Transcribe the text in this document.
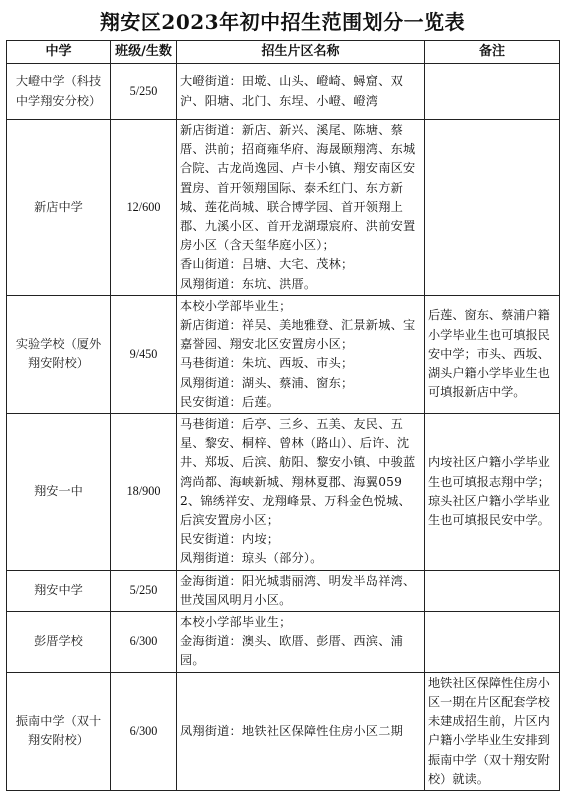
翔安区2023年初中招生范围划分一览表
中学	班级/生数	招生片区名称	备注
大嶝中学（科技中学翔安分校）	5/250	大嶝街道：田墘、山头、嶝崎、蟳窟、双沪、阳塘、北门、东埕、小嶝、嶝湾	

新店中学	12/600	新店街道：新店、新兴、溪尾、陈塘、蔡厝、洪前；招商雍华府、海晟颐翔湾、东城合院、古龙尚逸园、卢卡小镇、翔安南区安置房、首开领翔国际、泰禾红门、东方新城、莲花尚城、联合博学园、首开领翔上郡、九溪小区、首开龙湖璟宸府、洪前安置房小区（含天玺华庭小区）；
香山街道：吕塘、大宅、茂林；
凤翔街道：东坑、洪厝。	

实验学校（厦外翔安附校）	9/450	本校小学部毕业生；
新店街道：祥吴、美地雅登、汇景新城、宝嘉誉园、翔安北区安置房小区；
马巷街道：朱坑、西坂、市头；
凤翔街道：湖头、蔡浦、窗东；
民安街道：后莲。	后莲、窗东、蔡浦户籍小学毕业生也可填报民安中学；市头、西坂、湖头户籍小学毕业生也可填报新店中学。
翔安一中	18/900	马巷街道：后亭、三乡、五美、友民、五星、黎安、桐梓、曾林（路山）、后许、沈井、郑坂、后滨、舫阳、黎安小镇、中骏蓝湾尚都、海峡新城、翔林夏郡、海翼0592、锦绣祥安、龙翔峰景、万科金色悦城、后滨安置房小区；
民安街道：内垵；
凤翔街道：琼头（部分）。	内垵社区户籍小学毕业生也可填报志翔中学；琼头社区户籍小学毕业生也可填报民安中学。
翔安中学	5/250	金海街道：阳光城翡丽湾、明发半岛祥湾、世茂国风明月小区。	

彭厝学校	6/300	本校小学部毕业生；
金海街道：澳头、欧厝、彭厝、西滨、浦园。	

振南中学（双十翔安附校）	6/300	凤翔街道：地铁社区保障性住房小区二期	地铁社区保障性住房小区一期在片区配套学校未建成招生前，片区内户籍小学毕业生安排到振南中学（双十翔安附校）就读。
